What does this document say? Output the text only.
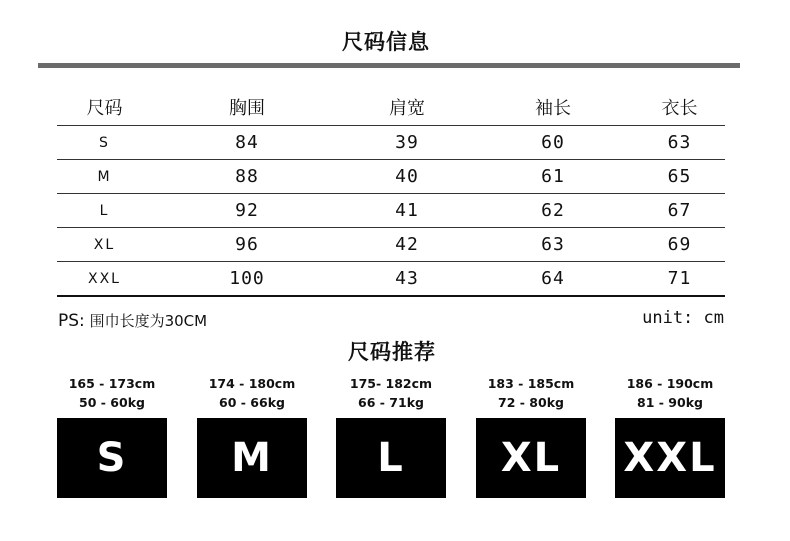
尺码信息
尺码	胸围	肩宽	袖长	衣长
S	84	39	60	63
M	88	40	61	65
L	92	41	62	67
XL	96	42	63	69
XXL	100	43	64	71
PS: 围巾长度为30CM	unit: cm
尺码推荐
165 - 173cm
50 - 60kg
S
174 - 180cm
60 - 66kg
M
175- 182cm
66 - 71kg
L
183 - 185cm
72 - 80kg
XL
186 - 190cm
81 - 90kg
XXL
